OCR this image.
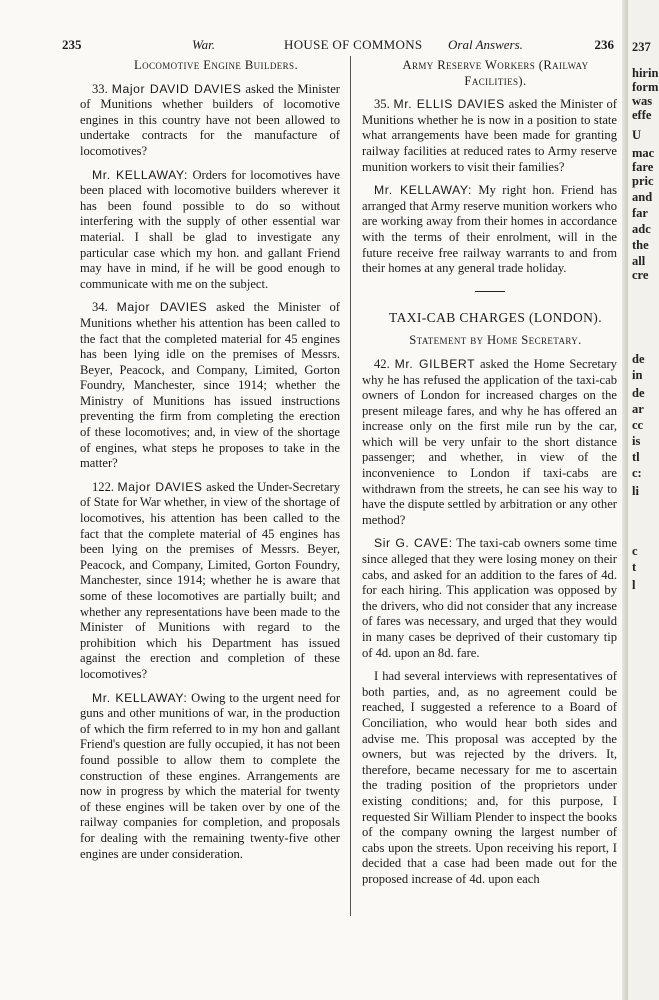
235	War.	HOUSE OF COMMONS Oral Answers.	236

Locomotive Engine Builders.

33. Major DAVID DAVIES asked the Minister of Munitions whether builders of locomotive engines in this country have not been allowed to undertake contracts for the manufacture of locomotives?

Mr. KELLAWAY: Orders for locomotives have been placed with locomotive builders wherever it has been found possible to do so without interfering with the supply of other essential war material. I shall be glad to investigate any particular case which my hon. and gallant Friend may have in mind, if he will be good enough to communicate with me on the subject.

34. Major DAVIES asked the Minister of Munitions whether his attention has been called to the fact that the completed material for 45 engines has been lying idle on the premises of Messrs. Beyer, Peacock, and Company, Limited, Gorton Foundry, Manchester, since 1914; whether the Ministry of Munitions has issued instructions preventing the firm from completing the erection of these locomotives; and, in view of the shortage of engines, what steps he proposes to take in the matter?

122. Major DAVIES asked the Under-Secretary of State for War whether, in view of the shortage of locomotives, his attention has been called to the fact that the complete material of 45 engines has been lying on the premises of Messrs. Beyer, Peacock, and Company, Limited, Gorton Foundry, Manchester, since 1914; whether he is aware that some of these locomotives are partially built; and whether any representations have been made to the Minister of Munitions with regard to the prohibition which his Department has issued against the erection and completion of these locomotives?

Mr. KELLAWAY: Owing to the urgent need for guns and other munitions of war, in the production of which the firm referred to in my hon and gallant Friend's question are fully occupied, it has not been found possible to allow them to complete the construction of these engines. Arrangements are now in progress by which the material for twenty of these engines will be taken over by one of the railway companies for completion, and proposals for dealing with the remaining twenty-five other engines are under consideration.

Army Reserve Workers (Railway

Facilities).

35. Mr. ELLIS DAVIES asked the Minister of Munitions whether he is now in a position to state what arrangements have been made for granting railway facilities at reduced rates to Army reserve munition workers to visit their families?

Mr. KELLAWAY: My right hon. Friend has arranged that Army reserve munition workers who are working away from their homes in accordance with the terms of their enrolment, will in the future receive free railway warrants to and from their homes at any general trade holiday.

TAXI-CAB CHARGES (LONDON).

Statement by Home Secretary.

42. Mr. GILBERT asked the Home Secretary why he has refused the application of the taxi-cab owners of London for increased charges on the present mileage fares, and why he has offered an increase only on the first mile run by the car, which will be very unfair to the short distance passenger; and whether, in view of the inconvenience to London if taxi-cabs are withdrawn from the streets, he can see his way to have the dispute settled by arbitration or any other method?

Sir G. CAVE: The taxi-cab owners some time since alleged that they were losing money on their cabs, and asked for an addition to the fares of 4d. for each hiring. This application was opposed by the drivers, who did not consider that any increase of fares was necessary, and urged that they would in many cases be deprived of their customary tip of 4d. upon an 8d. fare.

I had several interviews with representatives of both parties, and, as no agreement could be reached, I suggested a reference to a Board of Conciliation, who would hear both sides and advise me. This proposal was accepted by the owners, but was rejected by the drivers. It, therefore, became necessary for me to ascertain the trading position of the proprietors under existing conditions; and, for this purpose, I requested Sir William Plender to inspect the books of the company owning the largest number of cabs upon the streets. Upon receiving his report, I decided that a case had been made out for the proposed increase of 4d. upon each

237
hirin
form
was
effe
U
mac
fare
pric
and
far
adc
the
all
cre
de
in
de
ar
cc
is
tl
c:
li
c
t
l
